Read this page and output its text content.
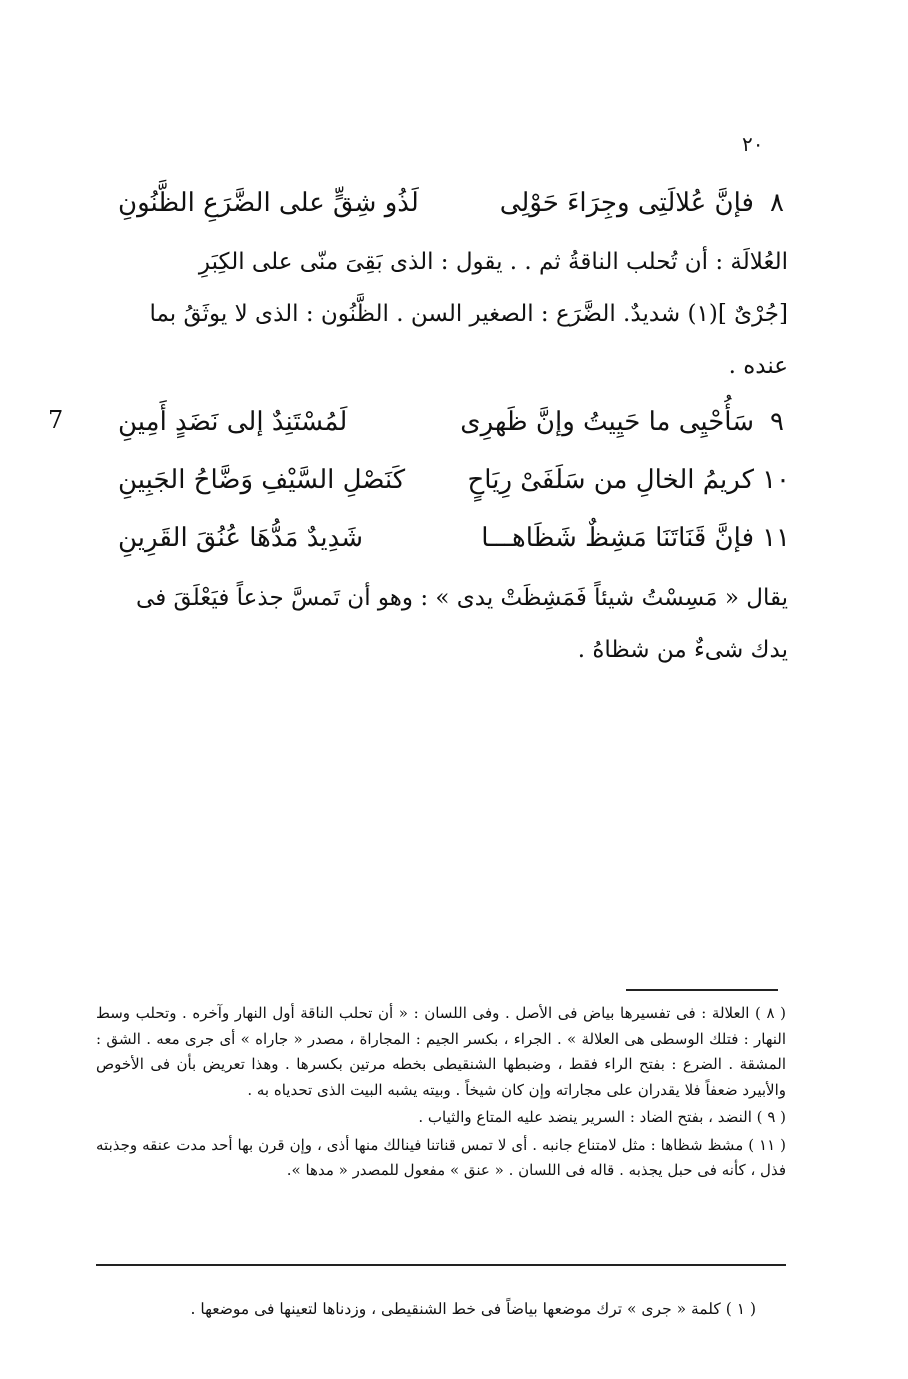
٢٠
7
٨
فإنَّ عُلالَتِى وجِرَاءَ حَوْلِى
لَذُو شِقٍّ على الضَّرَعِ الظَّنُونِ

العُلالَة : أن تُحلب الناقةُ ثم . . يقول : الذى بَقِىَ منّى على الكِبَرِ

[جُرْىٌ ](١) شديدٌ. الضَّرَع : الصغير السن . الظَّنُون : الذى لا يوثَقُ بما

عنده .

٩
سَأُحْيِى ما حَيِيتُ وإنَّ ظَهرِى
لَمُسْتَنِدٌ إلى نَضَدٍ أَمِينِ
١٠
كريمُ الخالِ من سَلَفَىْ رِيَاحٍ
كَنَصْلِ السَّيْفِ وَضَّاحُ الجَبِينِ
١١
فإنَّ قَنَاتَنَا مَشِظٌ شَظَاهـــا
شَدِيدٌ مَدُّهَا عُنُقَ القَرِينِ

يقال « مَسِسْتُ شيئاً فَمَشِظَتْ يدى » : وهو أن تَمسَّ جذعاً فيَعْلَقَ فى

يدك شىءٌ من شظاهُ .

( ٨ ) العلالة : فى تفسيرها بياض فى الأصل . وفى اللسان : « أن تحلب الناقة أول النهار وآخره . وتحلب وسط النهار : فتلك الوسطى هى العلالة » . الجراء ، بكسر الجيم : المجاراة ، مصدر « جاراه » أى جرى معه . الشق : المشقة . الضرع : بفتح الراء فقط ، وضبطها الشنقيطى بخطه مرتين بكسرها . وهذا تعريض بأن فى الأخوص والأبيرد ضعفاً فلا يقدران على مجاراته وإن كان شيخاً . وبيته يشبه البيت الذى تحدياه به .

( ٩ ) النضد ، بفتح الضاد : السرير ينضد عليه المتاع والثياب .

( ١١ ) مشظ شظاها : مثل لامتناع جانبه . أى لا تمس قناتنا فينالك منها أذى ، وإن قرن بها أحد مدت عنقه وجذبته فذل ، كأنه فى حبل يجذبه . قاله فى اللسان . « عنق » مفعول للمصدر « مدها ».

( ١ ) كلمة « جرى » ترك موضعها بياضاً فى خط الشنقيطى ، وزدناها لتعينها فى موضعها .
